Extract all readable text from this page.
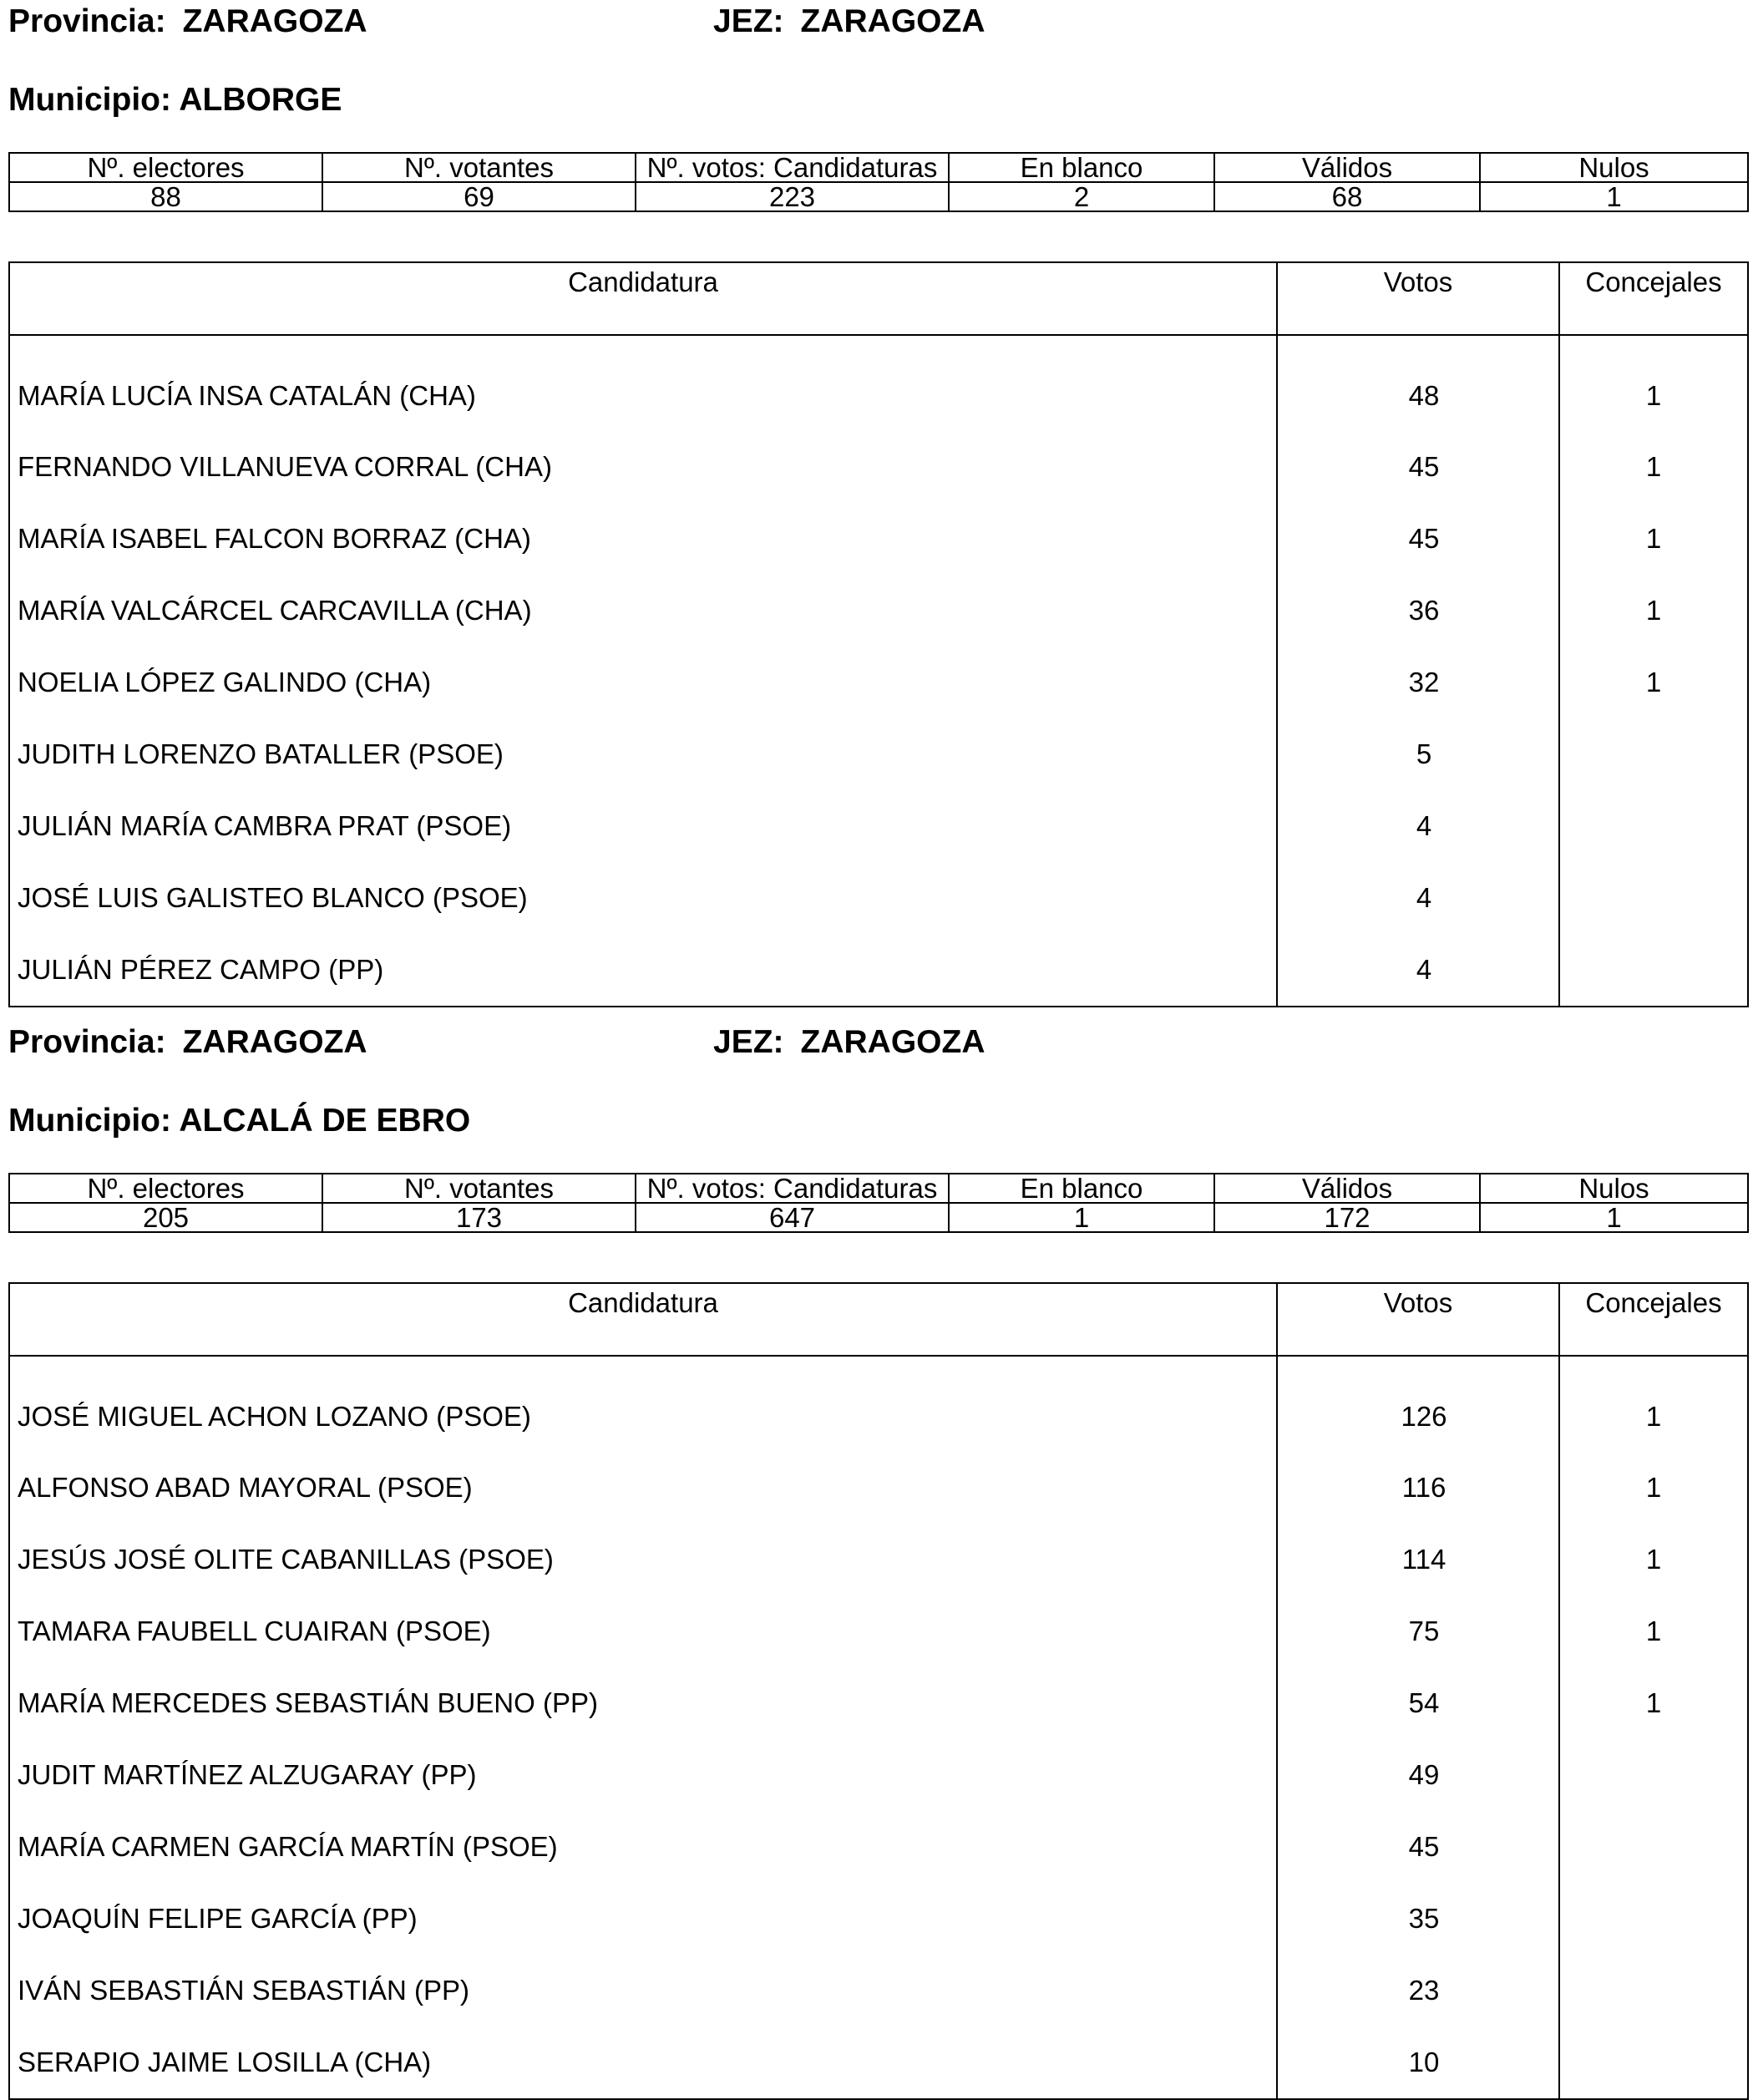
Provincia: ZARAGOZA	JEZ: ZARAGOZA
Municipio: ALBORGE
Nº. electores	Nº. votantes	Nº. votos: Candidaturas	En blanco	Válidos	Nulos
88	69	223	2	68	1
Candidatura	Votos	Concejales
MARÍA LUCÍA INSA CATALÁN (CHA)	48	1
FERNANDO VILLANUEVA CORRAL (CHA)	45	1
MARÍA ISABEL FALCON BORRAZ (CHA)	45	1
MARÍA VALCÁRCEL CARCAVILLA (CHA)	36	1
NOELIA LÓPEZ GALINDO (CHA)	32	1
JUDITH LORENZO BATALLER (PSOE)	5	
JULIÁN MARÍA CAMBRA PRAT (PSOE)	4	
JOSÉ LUIS GALISTEO BLANCO (PSOE)	4	
JULIÁN PÉREZ CAMPO (PP)	4	
Provincia: ZARAGOZA	JEZ: ZARAGOZA
Municipio: ALCALÁ DE EBRO
Nº. electores	Nº. votantes	Nº. votos: Candidaturas	En blanco	Válidos	Nulos
205	173	647	1	172	1
Candidatura	Votos	Concejales
JOSÉ MIGUEL ACHON LOZANO (PSOE)	126	1
ALFONSO ABAD MAYORAL (PSOE)	116	1
JESÚS JOSÉ OLITE CABANILLAS (PSOE)	114	1
TAMARA FAUBELL CUAIRAN (PSOE)	75	1
MARÍA MERCEDES SEBASTIÁN BUENO (PP)	54	1
JUDIT MARTÍNEZ ALZUGARAY (PP)	49	
MARÍA CARMEN GARCÍA MARTÍN (PSOE)	45	
JOAQUÍN FELIPE GARCÍA (PP)	35	
IVÁN SEBASTIÁN SEBASTIÁN (PP)	23	
SERAPIO JAIME LOSILLA (CHA)	10	
